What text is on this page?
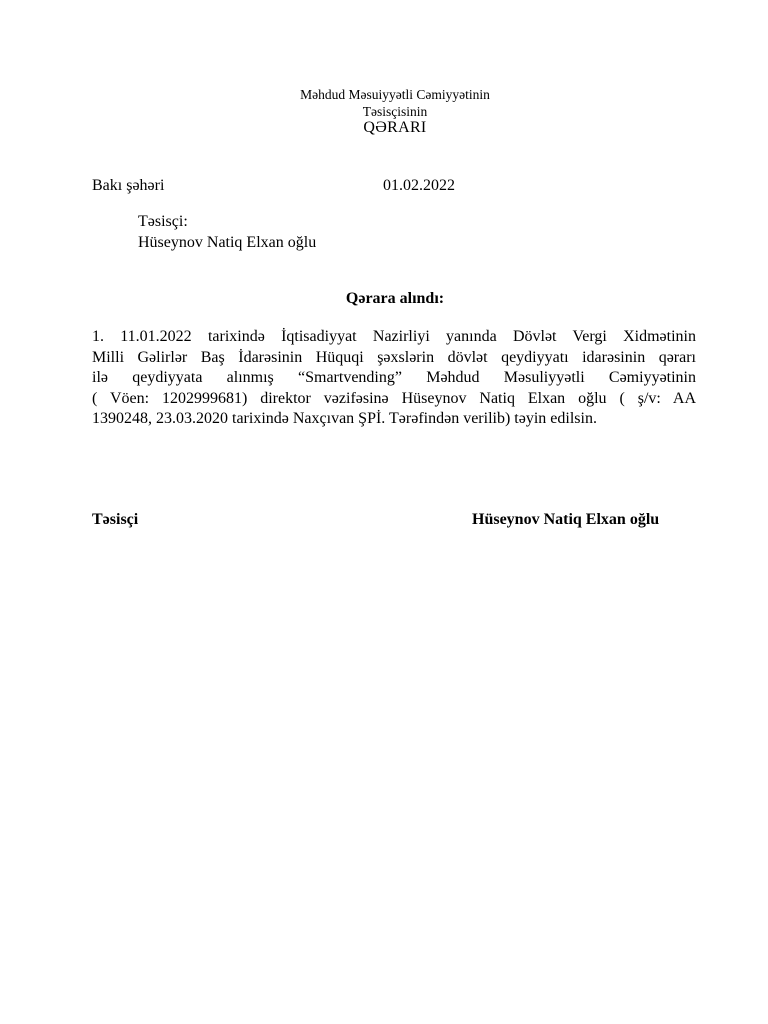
Məhdud Məsuiyyətli Cəmiyyətinin
Təsisçisinin
QƏRARI
Bakı şəhəri	01.02.2022
Təsisçi:
Hüseynov Natiq Elxan oğlu
Qərara alındı:
1. 11.01.2022 tarixində İqtisadiyyat Nazirliyi yanında Dövlət Vergi Xidmətinin
Milli Gəlirlər Baş İdarəsinin Hüquqi şəxslərin dövlət qeydiyyatı idarəsinin qərarı
ilə qeydiyyata alınmış “Smartvending” Məhdud Məsuliyyətli Cəmiyyətinin
( Vöen: 1202999681) direktor vəzifəsinə Hüseynov Natiq Elxan oğlu ( ş/v: AA
1390248, 23.03.2020 tarixində Naxçıvan ŞPİ. Tərəfindən verilib) təyin edilsin.
Təsisçi	Hüseynov Natiq Elxan oğlu
